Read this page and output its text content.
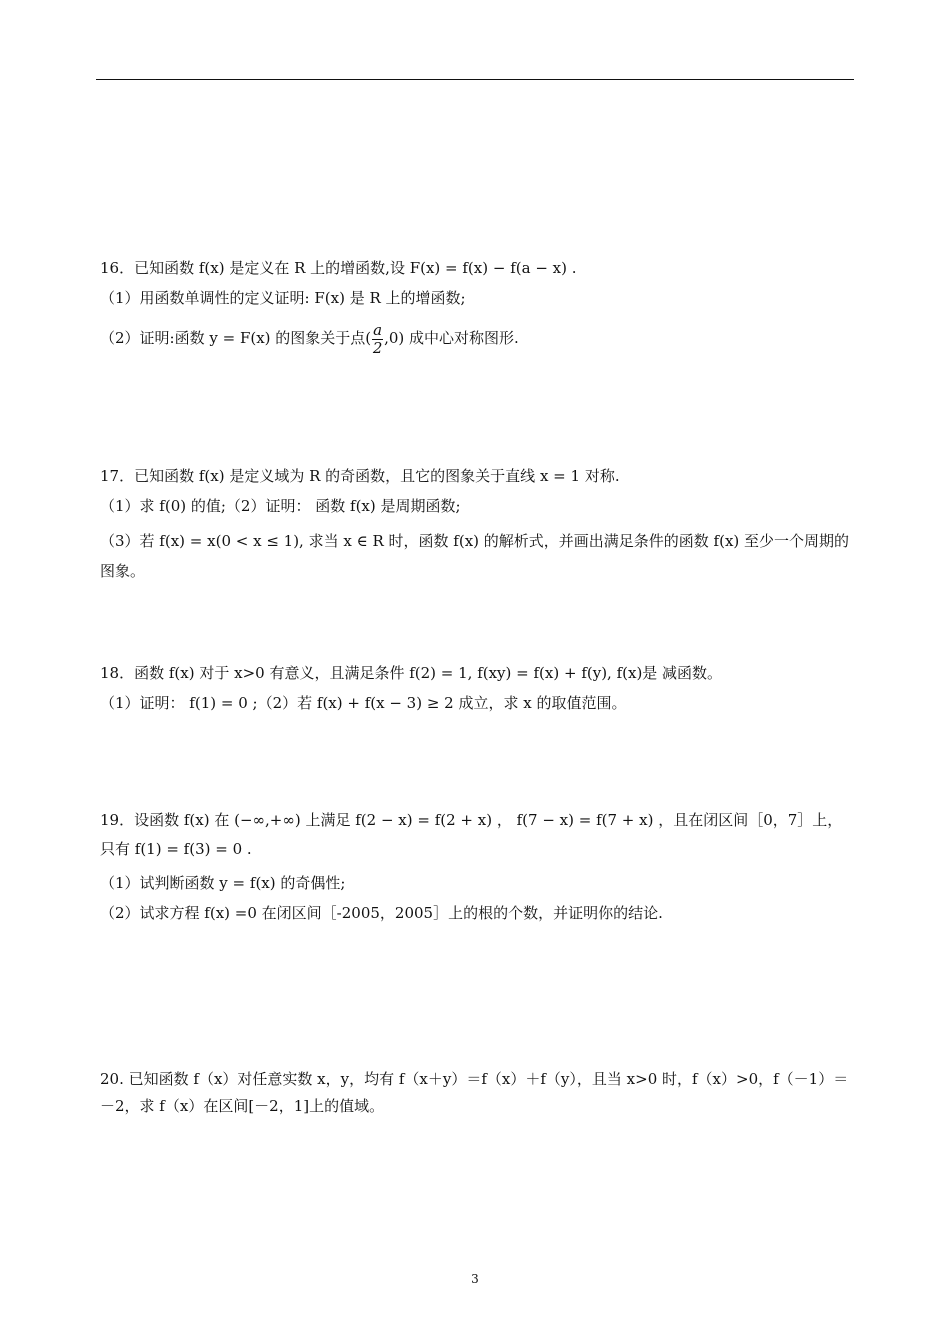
16．已知函数 f(x) 是定义在 R 上的增函数,设 F(x) = f(x) − f(a − x) .
（1）用函数单调性的定义证明: F(x) 是 R 上的增函数;
（2）证明:函数 y = F(x) 的图象关于点( $\frac{a}{2} ,0$) 成中心对称图形.
17．已知函数 f(x) 是定义域为 R 的奇函数，且它的图象关于直线 x = 1 对称.
（1）求 f(0) 的值;（2）证明： 函数 f(x) 是周期函数;
（3）若 f(x) = x(0 < x ≤ 1), 求当 x ∈ R 时，函数 f(x) 的解析式，并画出满足条件的函数 f(x) 至少一个周期的图象。
18．函数 f(x) 对于 x>0 有意义，且满足条件 f(2) = 1, f(xy) = f(x) + f(y), f(x)是 减函数。
（1）证明： f(1) = 0 ;（2）若 f(x) + f(x − 3) ≥ 2 成立，求 x 的取值范围。
19．设函数 f(x) 在 (−∞,+∞) 上满足 f(2 − x) = f(2 + x) ， f(7 − x) = f(7 + x) ，且在闭区间［0，7］上，只有 f(1) = f(3) = 0 .
（1）试判断函数 y = f(x) 的奇偶性;
（2）试求方程 f(x) =0 在闭区间［-2005，2005］上的根的个数，并证明你的结论.
20. 已知函数 f（x）对任意实数 x，y，均有 f（x＋y）＝f（x）＋f（y），且当 x>0 时，f（x）>0，f（－1）＝－2，求 f（x）在区间[－2，1]上的值域。
3
